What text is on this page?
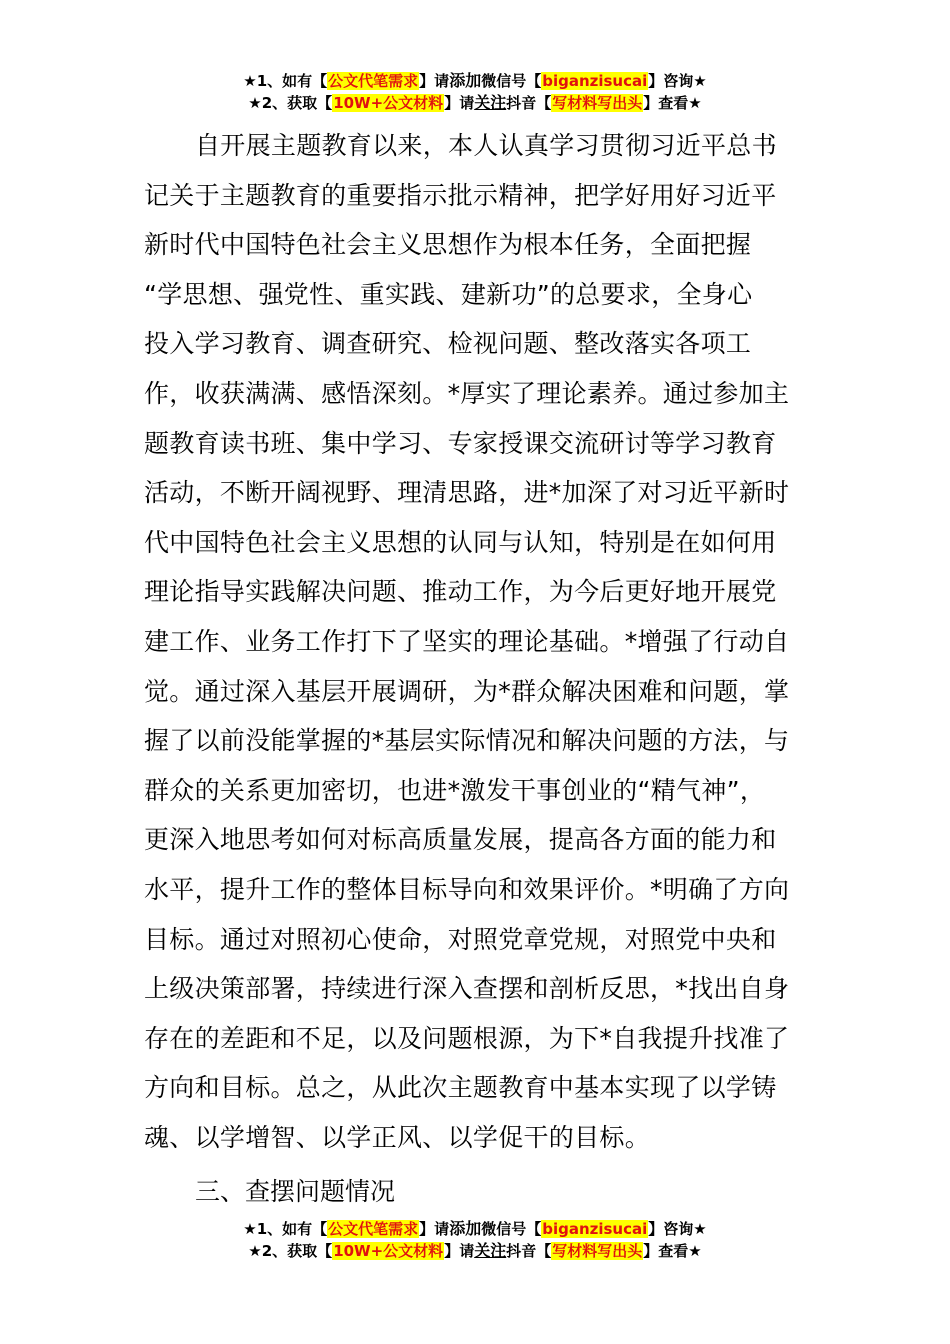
★1、如有【公文代笔需求】请添加微信号【biganzisucai】咨询★
★2、获取【10W+公文材料】请关注抖音【写材料写出头】查看★
自开展主题教育以来，本人认真学习贯彻习近平总书
记关于主题教育的重要指示批示精神，把学好用好习近平
新时代中国特色社会主义思想作为根本任务，全面把握
“学思想、强党性、重实践、建新功”的总要求，全身心
投入学习教育、调查研究、检视问题、整改落实各项工
作，收获满满、感悟深刻。*厚实了理论素养。通过参加主
题教育读书班、集中学习、专家授课交流研讨等学习教育
活动，不断开阔视野、理清思路，进*加深了对习近平新时
代中国特色社会主义思想的认同与认知，特别是在如何用
理论指导实践解决问题、推动工作，为今后更好地开展党
建工作、业务工作打下了坚实的理论基础。*增强了行动自
觉。通过深入基层开展调研，为*群众解决困难和问题，掌
握了以前没能掌握的*基层实际情况和解决问题的方法，与
群众的关系更加密切，也进*激发干事创业的“精气神”，
更深入地思考如何对标高质量发展，提高各方面的能力和
水平，提升工作的整体目标导向和效果评价。*明确了方向
目标。通过对照初心使命，对照党章党规，对照党中央和
上级决策部署，持续进行深入查摆和剖析反思，*找出自身
存在的差距和不足，以及问题根源，为下*自我提升找准了
方向和目标。总之，从此次主题教育中基本实现了以学铸
魂、以学增智、以学正风、以学促干的目标。
三、查摆问题情况
★1、如有【公文代笔需求】请添加微信号【biganzisucai】咨询★
★2、获取【10W+公文材料】请关注抖音【写材料写出头】查看★
